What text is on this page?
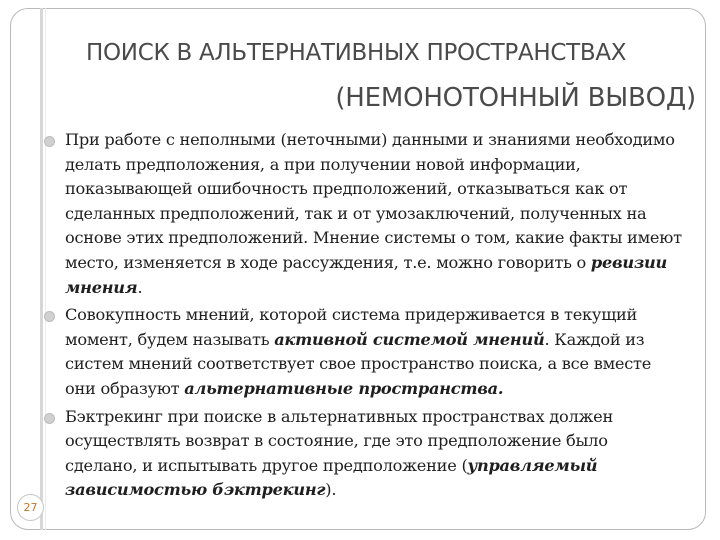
ПОИСК В АЛЬТЕРНАТИВНЫХ ПРОСТРАНСТВАХ
(НЕМОНОТОННЫЙ ВЫВОД)
При работе с неполными (неточными) данными и знаниями необходимо делать предположения, а при получении новой информации, показывающей ошибочность предположений, отказываться как от сделанных предположений, так и от умозаключений, полученных на основе этих предположений. Мнение системы о том, какие факты имеют место, изменяется в ходе рассуждения, т.е. можно говорить о ревизии мнения.
Совокупность мнений, которой система придерживается в текущий момент, будем называть активной системой мнений. Каждой из систем мнений соответствует свое пространство поиска, а все вместе они образуют альтернативные пространства.
Бэктрекинг при поиске в альтернативных пространствах должен осуществлять возврат в состояние, где это предположение было сделано, и испытывать другое предположение (управляемый зависимостью бэктрекинг).
27
